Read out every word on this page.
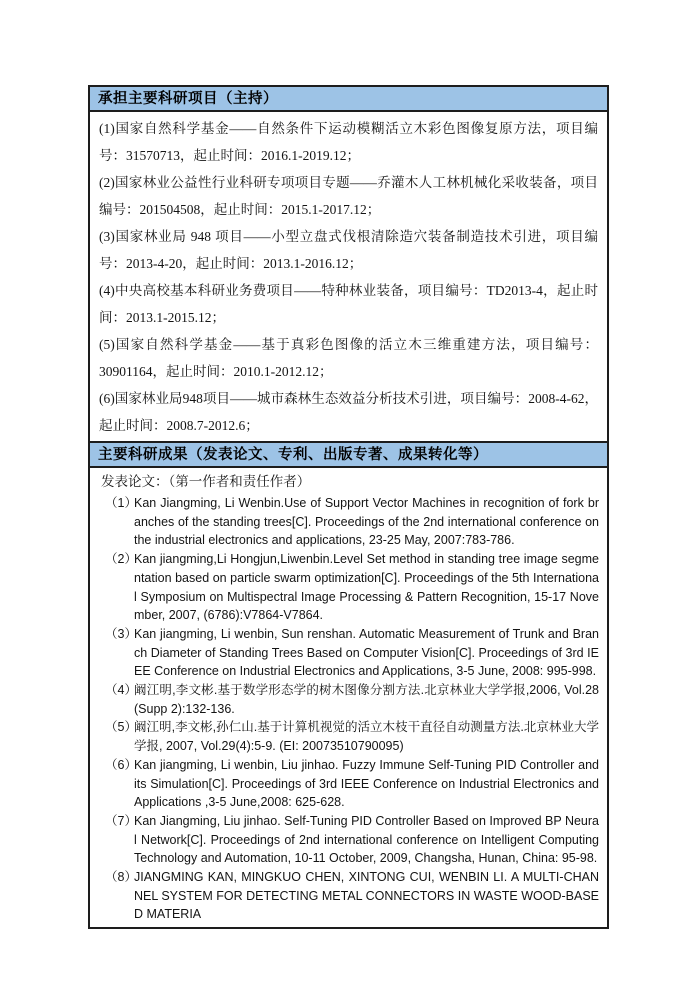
承担主要科研项目（主持）

(1)国家自然科学基金——自然条件下运动模糊活立木彩色图像复原方法，项目编号：31570713，起止时间：2016.1-2019.12；

(2)国家林业公益性行业科研专项项目专题——乔灌木人工林机械化采收装备，项目编号：201504508，起止时间：2015.1-2017.12；

(3)国家林业局 948 项目——小型立盘式伐根清除造穴装备制造技术引进，项目编号：2013-4-20，起止时间：2013.1-2016.12；

(4)中央高校基本科研业务费项目——特种林业装备，项目编号：TD2013-4，起止时间：2013.1-2015.12；

(5)国家自然科学基金——基于真彩色图像的活立木三维重建方法，项目编号：30901164，起止时间：2010.1-2012.12；

(6)国家林业局948项目——城市森林生态效益分析技术引进，项目编号：2008-4-62，起止时间：2008.7-2012.6；

主要科研成果（发表论文、专利、出版专著、成果转化等）

发表论文：（第一作者和责任作者）

（1）
Kan Jiangming, Li Wenbin.Use of Support Vector Machines in recognition of fork branches of the standing trees[C]. Proceedings of the 2nd international conference on the industrial electronics and applications, 23-25 May, 2007:783-786.
（2）
Kan jiangming,Li Hongjun,Liwenbin.Level Set method in standing tree image segmentation based on particle swarm optimization[C]. Proceedings of the 5th International Symposium on Multispectral Image Processing & Pattern Recognition, 15-17 November, 2007, (6786):V7864-V7864.
（3）
Kan jiangming, Li wenbin, Sun renshan. Automatic Measurement of Trunk and Branch Diameter of Standing Trees Based on Computer Vision[C]. Proceedings of 3rd IEEE Conference on Industrial Electronics and Applications, 3-5 June, 2008: 995-998.
（4）
阚江明,李文彬.基于数学形态学的树木图像分割方法.北京林业大学学报,2006, Vol.28(Supp 2):132-136.
（5）
阚江明,李文彬,孙仁山.基于计算机视觉的活立木枝干直径自动测量方法.北京林业大学学报, 2007, Vol.29(4):5-9. (EI: 20073510790095)
（6）
Kan jiangming, Li wenbin, Liu jinhao. Fuzzy Immune Self-Tuning PID Controller and its Simulation[C]. Proceedings of 3rd IEEE Conference on Industrial Electronics and Applications ,3-5 June,2008: 625-628.
（7）
Kan Jiangming, Liu jinhao. Self-Tuning PID Controller Based on Improved BP Neural Network[C]. Proceedings of 2nd international conference on Intelligent Computing Technology and Automation, 10-11 October, 2009, Changsha, Hunan, China: 95-98.
（8）
JIANGMING KAN, MINGKUO CHEN, XINTONG CUI, WENBIN LI. A MULTI-CHANNEL SYSTEM FOR DETECTING METAL CONNECTORS IN WASTE WOOD-BASED MATERIA
